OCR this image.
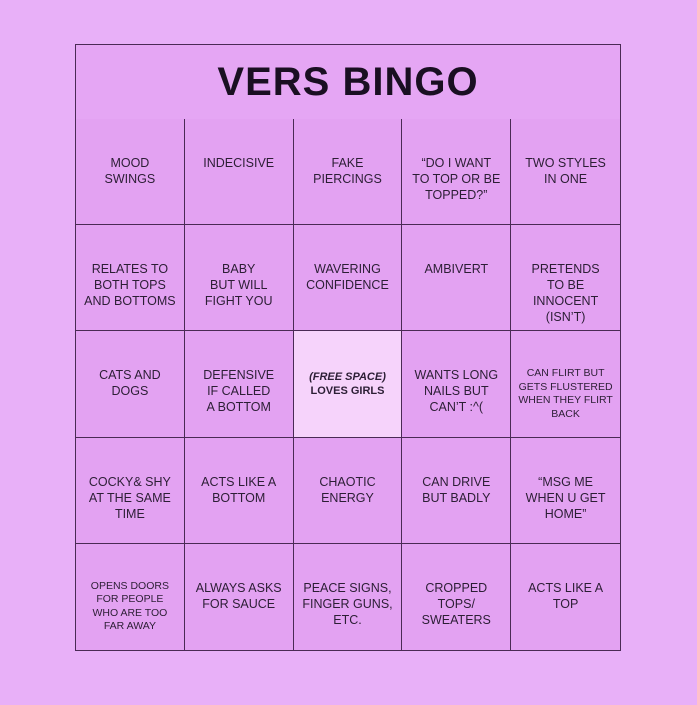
VERS BINGO
MOOD
SWINGS
INDECISIVE	FAKE
PIERCINGS
“DO I WANT
TO TOP OR BE
TOPPED?”
TWO STYLES
IN ONE
RELATES TO
BOTH TOPS
AND BOTTOMS
BABY
BUT WILL
FIGHT YOU
WAVERING
CONFIDENCE
AMBIVERT	PRETENDS
TO BE
INNOCENT
(ISN’T)
CATS AND
DOGS
DEFENSIVE
IF CALLED
A BOTTOM
(FREE SPACE)
LOVES GIRLS
WANTS LONG
NAILS BUT
CAN’T :^(
CAN FLIRT BUT
GETS FLUSTERED
WHEN THEY FLIRT
BACK
COCKY& SHY
AT THE SAME
TIME
ACTS LIKE A
BOTTOM
CHAOTIC
ENERGY
CAN DRIVE
BUT BADLY
“MSG ME
WHEN U GET
HOME”
OPENS DOORS
FOR PEOPLE
WHO ARE TOO
FAR AWAY
ALWAYS ASKS
FOR SAUCE
PEACE SIGNS,
FINGER GUNS,
ETC.
CROPPED
TOPS/
SWEATERS
ACTS LIKE A
TOP
